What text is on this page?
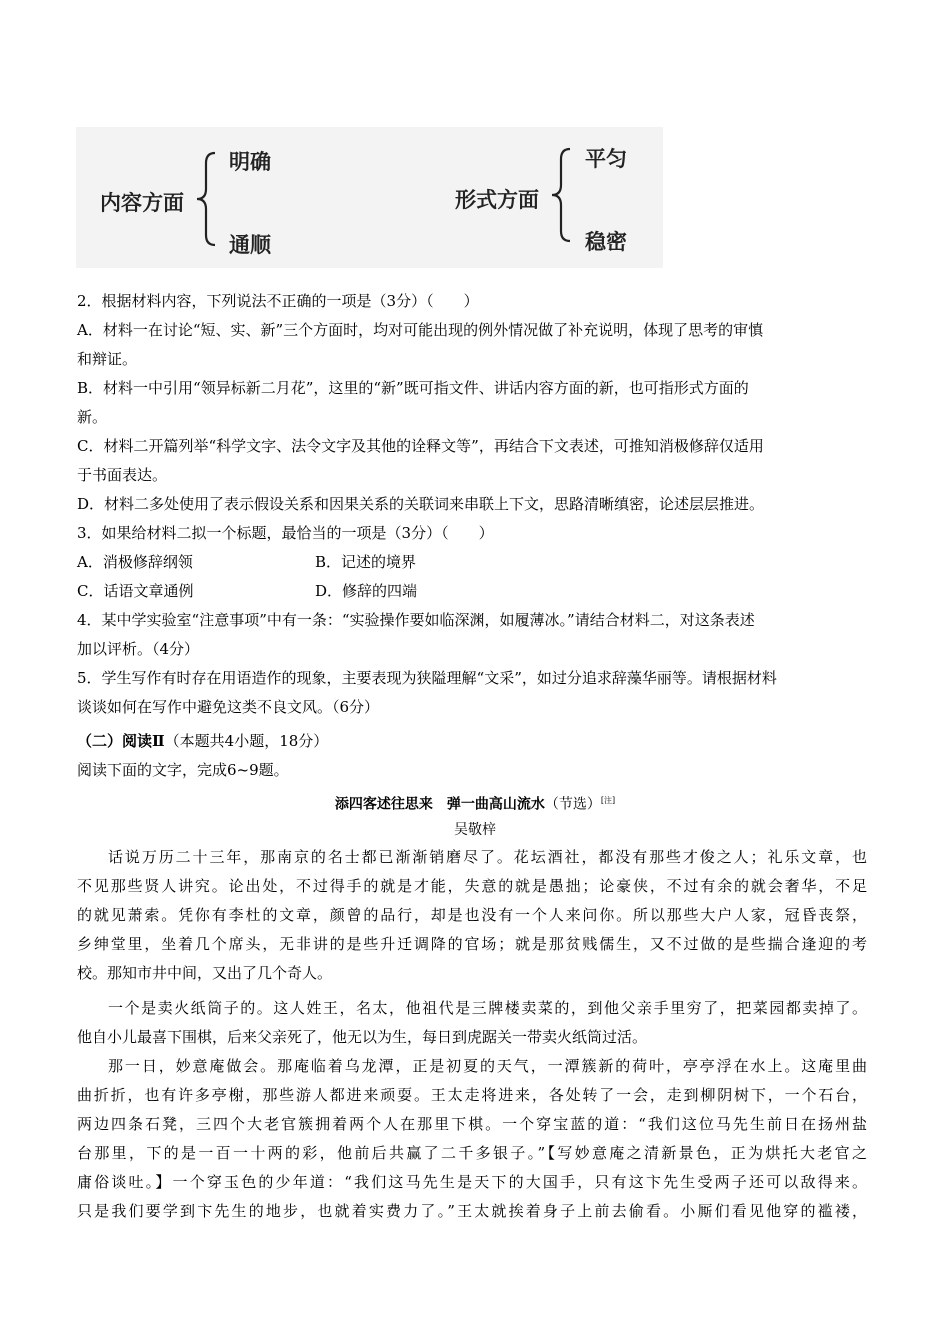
内容方面
明确
通顺
形式方面
平匀
稳密
2．根据材料内容，下列说法不正确的一项是（3分）（　　）
A．材料一在讨论“短、实、新”三个方面时，均对可能出现的例外情况做了补充说明，体现了思考的审慎
和辩证。
B．材料一中引用“领异标新二月花”，这里的“新”既可指文件、讲话内容方面的新，也可指形式方面的
新。
C．材料二开篇列举“科学文字、法令文字及其他的诠释文等”，再结合下文表述，可推知消极修辞仅适用
于书面表达。
D．材料二多处使用了表示假设关系和因果关系的关联词来串联上下文，思路清晰缜密，论述层层推进。
3．如果给材料二拟一个标题，最恰当的一项是（3分）（　　）
A．消极修辞纲领	B．记述的境界
C．话语文章通例	D．修辞的四端
4．某中学实验室“注意事项”中有一条：“实验操作要如临深渊，如履薄冰。”请结合材料二，对这条表述
加以评析。（4分）
5．学生写作有时存在用语造作的现象，主要表现为狭隘理解“文采”，如过分追求辞藻华丽等。请根据材料
谈谈如何在写作中避免这类不良文风。（6分）
（二）阅读Ⅱ（本题共4小题，18分）
阅读下面的文字，完成6~9题。
添四客述往思来　弹一曲高山流水（节选）[注]
吴敬梓
话说万历二十三年，那南京的名士都已渐渐销磨尽了。花坛酒社，都没有那些才俊之人；礼乐文章，也
不见那些贤人讲究。论出处，不过得手的就是才能，失意的就是愚拙；论豪侠，不过有余的就会奢华，不足
的就见萧索。凭你有李杜的文章，颜曾的品行，却是也没有一个人来问你。所以那些大户人家，冠昏丧祭，
乡绅堂里，坐着几个席头，无非讲的是些升迁调降的官场；就是那贫贱儒生，又不过做的是些揣合逢迎的考
校。那知市井中间，又出了几个奇人。
一个是卖火纸筒子的。这人姓王，名太，他祖代是三牌楼卖菜的，到他父亲手里穷了，把菜园都卖掉了。
他自小儿最喜下围棋，后来父亲死了，他无以为生，每日到虎踞关一带卖火纸筒过活。
那一日，妙意庵做会。那庵临着乌龙潭，正是初夏的天气，一潭簇新的荷叶，亭亭浮在水上。这庵里曲
曲折折，也有许多亭榭，那些游人都进来顽耍。王太走将进来，各处转了一会，走到柳阴树下，一个石台，
两边四条石凳，三四个大老官簇拥着两个人在那里下棋。一个穿宝蓝的道：“我们这位马先生前日在扬州盐
台那里，下的是一百一十两的彩，他前后共赢了二千多银子。”【写妙意庵之清新景色，正为烘托大老官之
庸俗谈吐。】一个穿玉色的少年道：“我们这马先生是天下的大国手，只有这卞先生受两子还可以敌得来。
只是我们要学到卞先生的地步，也就着实费力了。”王太就挨着身子上前去偷看。小厮们看见他穿的褴褛，
